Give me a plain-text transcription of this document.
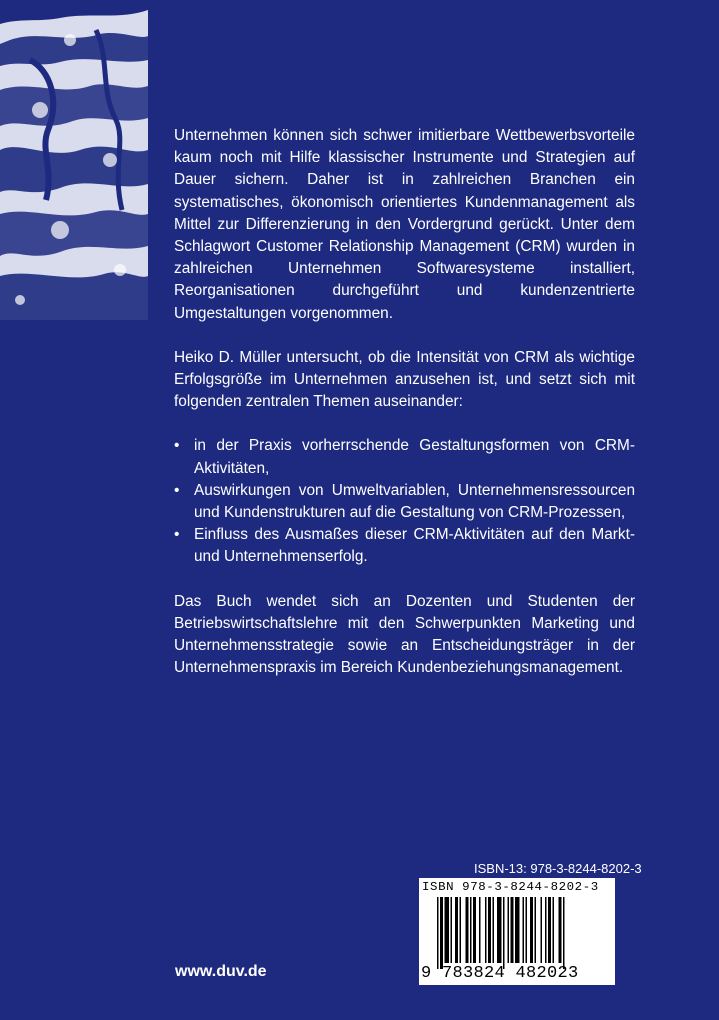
Unternehmen können sich schwer imitierbare Wettbewerbsvorteile kaum noch mit Hilfe klassischer Instrumente und Strategien auf Dauer sichern. Daher ist in zahlreichen Branchen ein systematisches, ökonomisch orientiertes Kundenmanagement als Mittel zur Differenzierung in den Vordergrund gerückt. Unter dem Schlagwort Customer Relationship Management (CRM) wurden in zahlreichen Unternehmen Softwaresysteme installiert, Reorganisationen durchgeführt und kundenzentrierte Umgestaltungen vorgenommen.

Heiko D. Müller untersucht, ob die Intensität von CRM als wichtige Erfolgsgröße im Unternehmen anzusehen ist, und setzt sich mit folgenden zentralen Themen auseinander:

• in der Praxis vorherrschende Gestaltungsformen von CRM-Aktivitäten,
• Auswirkungen von Umweltvariablen, Unternehmensressourcen und Kundenstrukturen auf die Gestaltung von CRM-Prozessen,
• Einfluss des Ausmaßes dieser CRM-Aktivitäten auf den Markt- und Unternehmenserfolg.

Das Buch wendet sich an Dozenten und Studenten der Betriebswirtschaftslehre mit den Schwerpunkten Marketing und Unternehmensstrategie sowie an Entscheidungsträger in der Unternehmenspraxis im Bereich Kundenbeziehungsmanagement.

ISBN-13: 978-3-8244-8202-3
ISBN 978-3-8244-8202-3
9 783824 482023
www.duv.de
